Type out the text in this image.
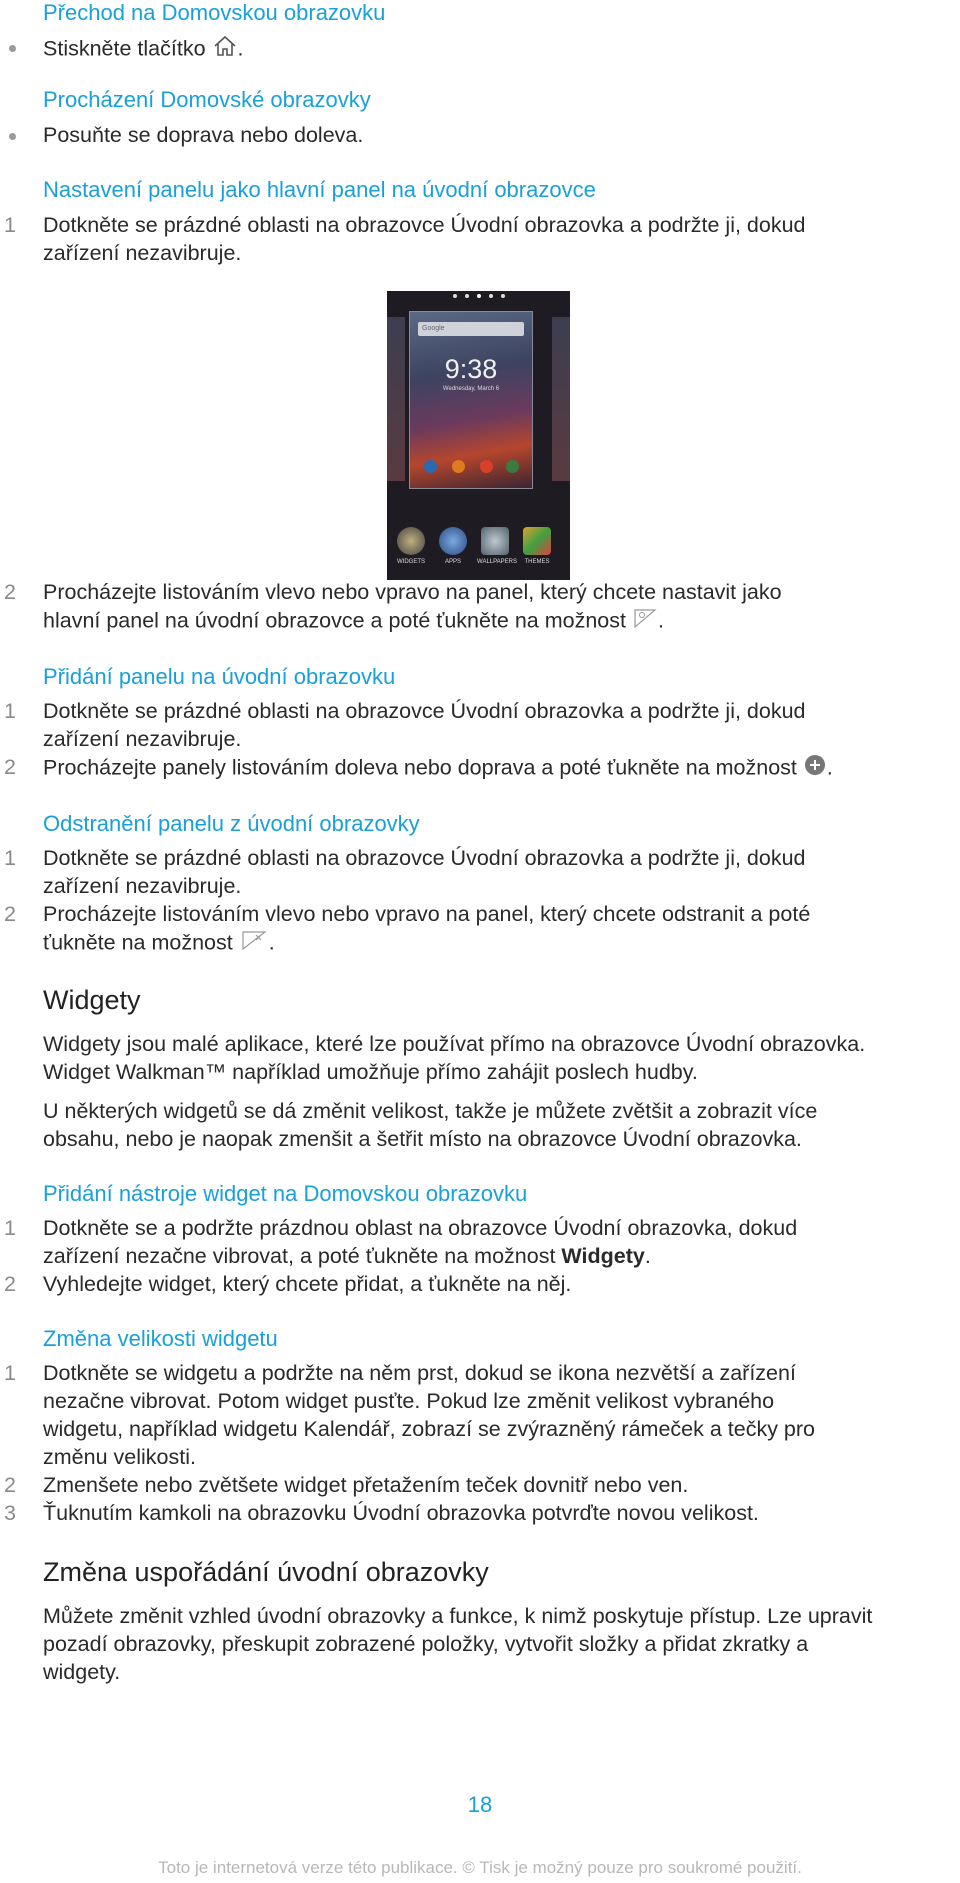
Přechod na Domovskou obrazovku
Stiskněte tlačítko .
Procházení Domovské obrazovky
Posuňte se doprava nebo doleva.
Nastavení panelu jako hlavní panel na úvodní obrazovce
1 Dotkněte se prázdné oblasti na obrazovce Úvodní obrazovka a podržte ji, dokud
zařízení nezavibruje.
Google
9:38
Wednesday, March 6
WIDGETS	APPS	WALLPAPERS	THEMES
2 Procházejte listováním vlevo nebo vpravo na panel, který chcete nastavit jako
hlavní panel na úvodní obrazovce a poté ťukněte na možnost .
Přidání panelu na úvodní obrazovku
1 Dotkněte se prázdné oblasti na obrazovce Úvodní obrazovka a podržte ji, dokud
zařízení nezavibruje.
2 Procházejte panely listováním doleva nebo doprava a poté ťukněte na možnost .
Odstranění panelu z úvodní obrazovky
1 Dotkněte se prázdné oblasti na obrazovce Úvodní obrazovka a podržte ji, dokud
zařízení nezavibruje.
2 Procházejte listováním vlevo nebo vpravo na panel, který chcete odstranit a poté
ťukněte na možnost .
Widgety
Widgety jsou malé aplikace, které lze používat přímo na obrazovce Úvodní obrazovka.
Widget Walkman™ například umožňuje přímo zahájit poslech hudby.
U některých widgetů se dá změnit velikost, takže je můžete zvětšit a zobrazit více
obsahu, nebo je naopak zmenšit a šetřit místo na obrazovce Úvodní obrazovka.
Přidání nástroje widget na Domovskou obrazovku
1 Dotkněte se a podržte prázdnou oblast na obrazovce Úvodní obrazovka, dokud
zařízení nezačne vibrovat, a poté ťukněte na možnost Widgety.
2 Vyhledejte widget, který chcete přidat, a ťukněte na něj.
Změna velikosti widgetu
1 Dotkněte se widgetu a podržte na něm prst, dokud se ikona nezvětší a zařízení
nezačne vibrovat. Potom widget pusťte. Pokud lze změnit velikost vybraného
widgetu, například widgetu Kalendář, zobrazí se zvýrazněný rámeček a tečky pro
změnu velikosti.
2 Zmenšete nebo zvětšete widget přetažením teček dovnitř nebo ven.
3 Ťuknutím kamkoli na obrazovku Úvodní obrazovka potvrďte novou velikost.
Změna uspořádání úvodní obrazovky
Můžete změnit vzhled úvodní obrazovky a funkce, k nimž poskytuje přístup. Lze upravit
pozadí obrazovky, přeskupit zobrazené položky, vytvořit složky a přidat zkratky a
widgety.
18
Toto je internetová verze této publikace. © Tisk je možný pouze pro soukromé použití.
